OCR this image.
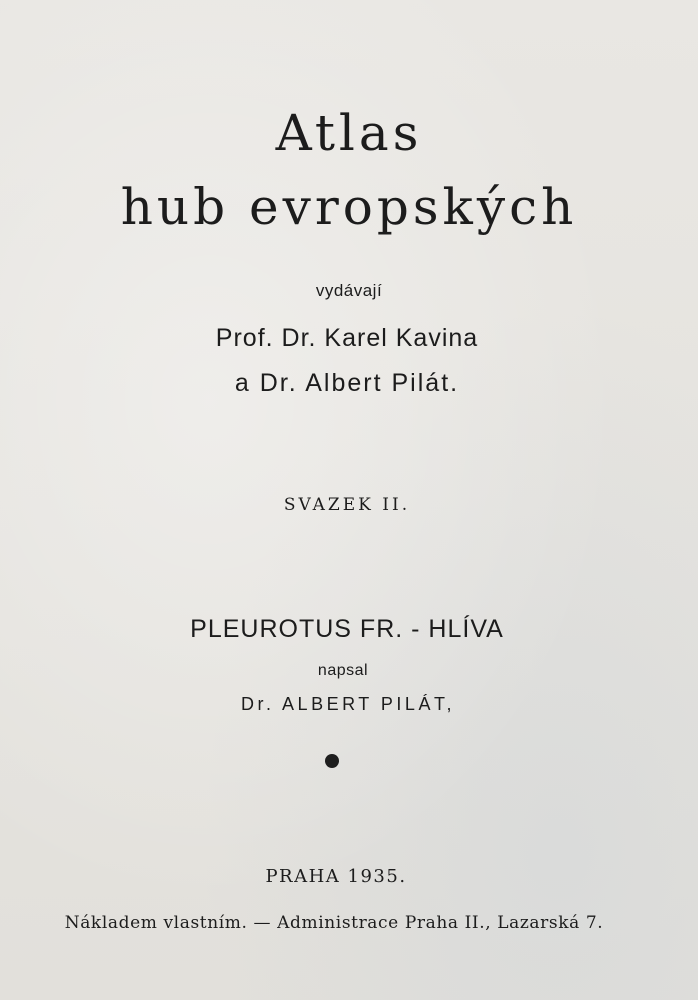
Atlas
hub evropských
vydávají
Prof. Dr. Karel Kavina
a Dr. Albert Pilát.
SVAZEK II.
PLEUROTUS FR. - HLÍVA
napsal
Dr. ALBERT PILÁT,
PRAHA 1935.
Nákladem vlastním. — Administrace Praha II., Lazarská 7.
